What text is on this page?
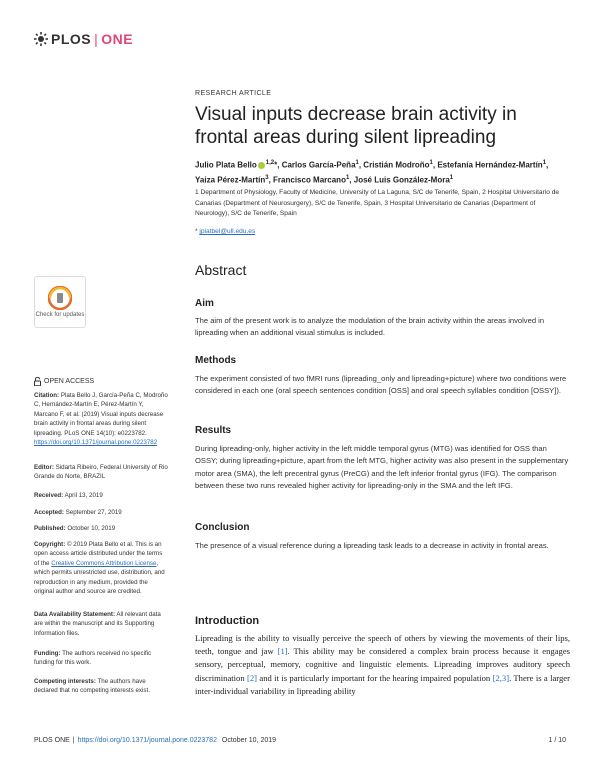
PLOS | ONE
RESEARCH ARTICLE
Visual inputs decrease brain activity in frontal areas during silent lipreading
Julio Plata Bello $^{1,2}$*, Carlos García-Peña$^1$, Cristián Modroño$^1$, Estefanía Hernández-Martín$^1$, Yaiza Pérez-Martín$^3$, Francisco Marcano$^1$, José Luis González-Mora$^1$
1 Department of Physiology, Faculty of Medicine, University of La Laguna, S/C de Tenerife, Spain, 2 Hospital Universitario de Canarias (Department of Neurosurgery), S/C de Tenerife, Spain, 3 Hospital Universitario de Canarias (Department of Neurology), S/C de Tenerife, Spain
* jplatbel@ull.edu.es
Check for updates
OPEN ACCESS
Citation: Plata Bello J, García-Peña C, Modroño C, Hernández-Martín E, Pérez-Martín Y, Marcano F, et al. (2019) Visual inputs decrease brain activity in frontal areas during silent lipreading. PLoS ONE 14(10): e0223782. https://doi.org/10.1371/journal.pone.0223782
Editor: Sidarta Ribeiro, Federal University of Rio Grande do Norte, BRAZIL
Received: April 13, 2019
Accepted: September 27, 2019
Published: October 10, 2019
Copyright: © 2019 Plata Bello et al. This is an open access article distributed under the terms of the Creative Commons Attribution License, which permits unrestricted use, distribution, and reproduction in any medium, provided the original author and source are credited.
Data Availability Statement: All relevant data are within the manuscript and its Supporting Information files.
Funding: The authors received no specific funding for this work.
Competing interests: The authors have declared that no competing interests exist.
Abstract
Aim
The aim of the present work is to analyze the modulation of the brain activity within the areas involved in lipreading when an additional visual stimulus is included.
Methods
The experiment consisted of two fMRI runs (lipreading_only and lipreading+picture) where two conditions were considered in each one (oral speech sentences condition [OSS] and oral speech syllables condition [OSSY]).
Results
During lipreading-only, higher activity in the left middle temporal gyrus (MTG) was identified for OSS than OSSY; during lipreading+picture, apart from the left MTG, higher activity was also present in the supplementary motor area (SMA), the left precentral gyrus (PreCG) and the left inferior frontal gyrus (IFG). The comparison between these two runs revealed higher activity for lipreading-only in the SMA and the left IFG.
Conclusion
The presence of a visual reference during a lipreading task leads to a decrease in activity in frontal areas.
Introduction
Lipreading is the ability to visually perceive the speech of others by viewing the movements of their lips, teeth, tongue and jaw [1]. This ability may be considered a complex brain process because it engages sensory, perceptual, memory, cognitive and linguistic elements. Lipreading improves auditory speech discrimination [2] and it is particularly important for the hearing impaired population [2,3]. There is a larger inter-individual variability in lipreading ability
PLOS ONE | https://doi.org/10.1371/journal.pone.0223782 October 10, 2019	1 / 10
